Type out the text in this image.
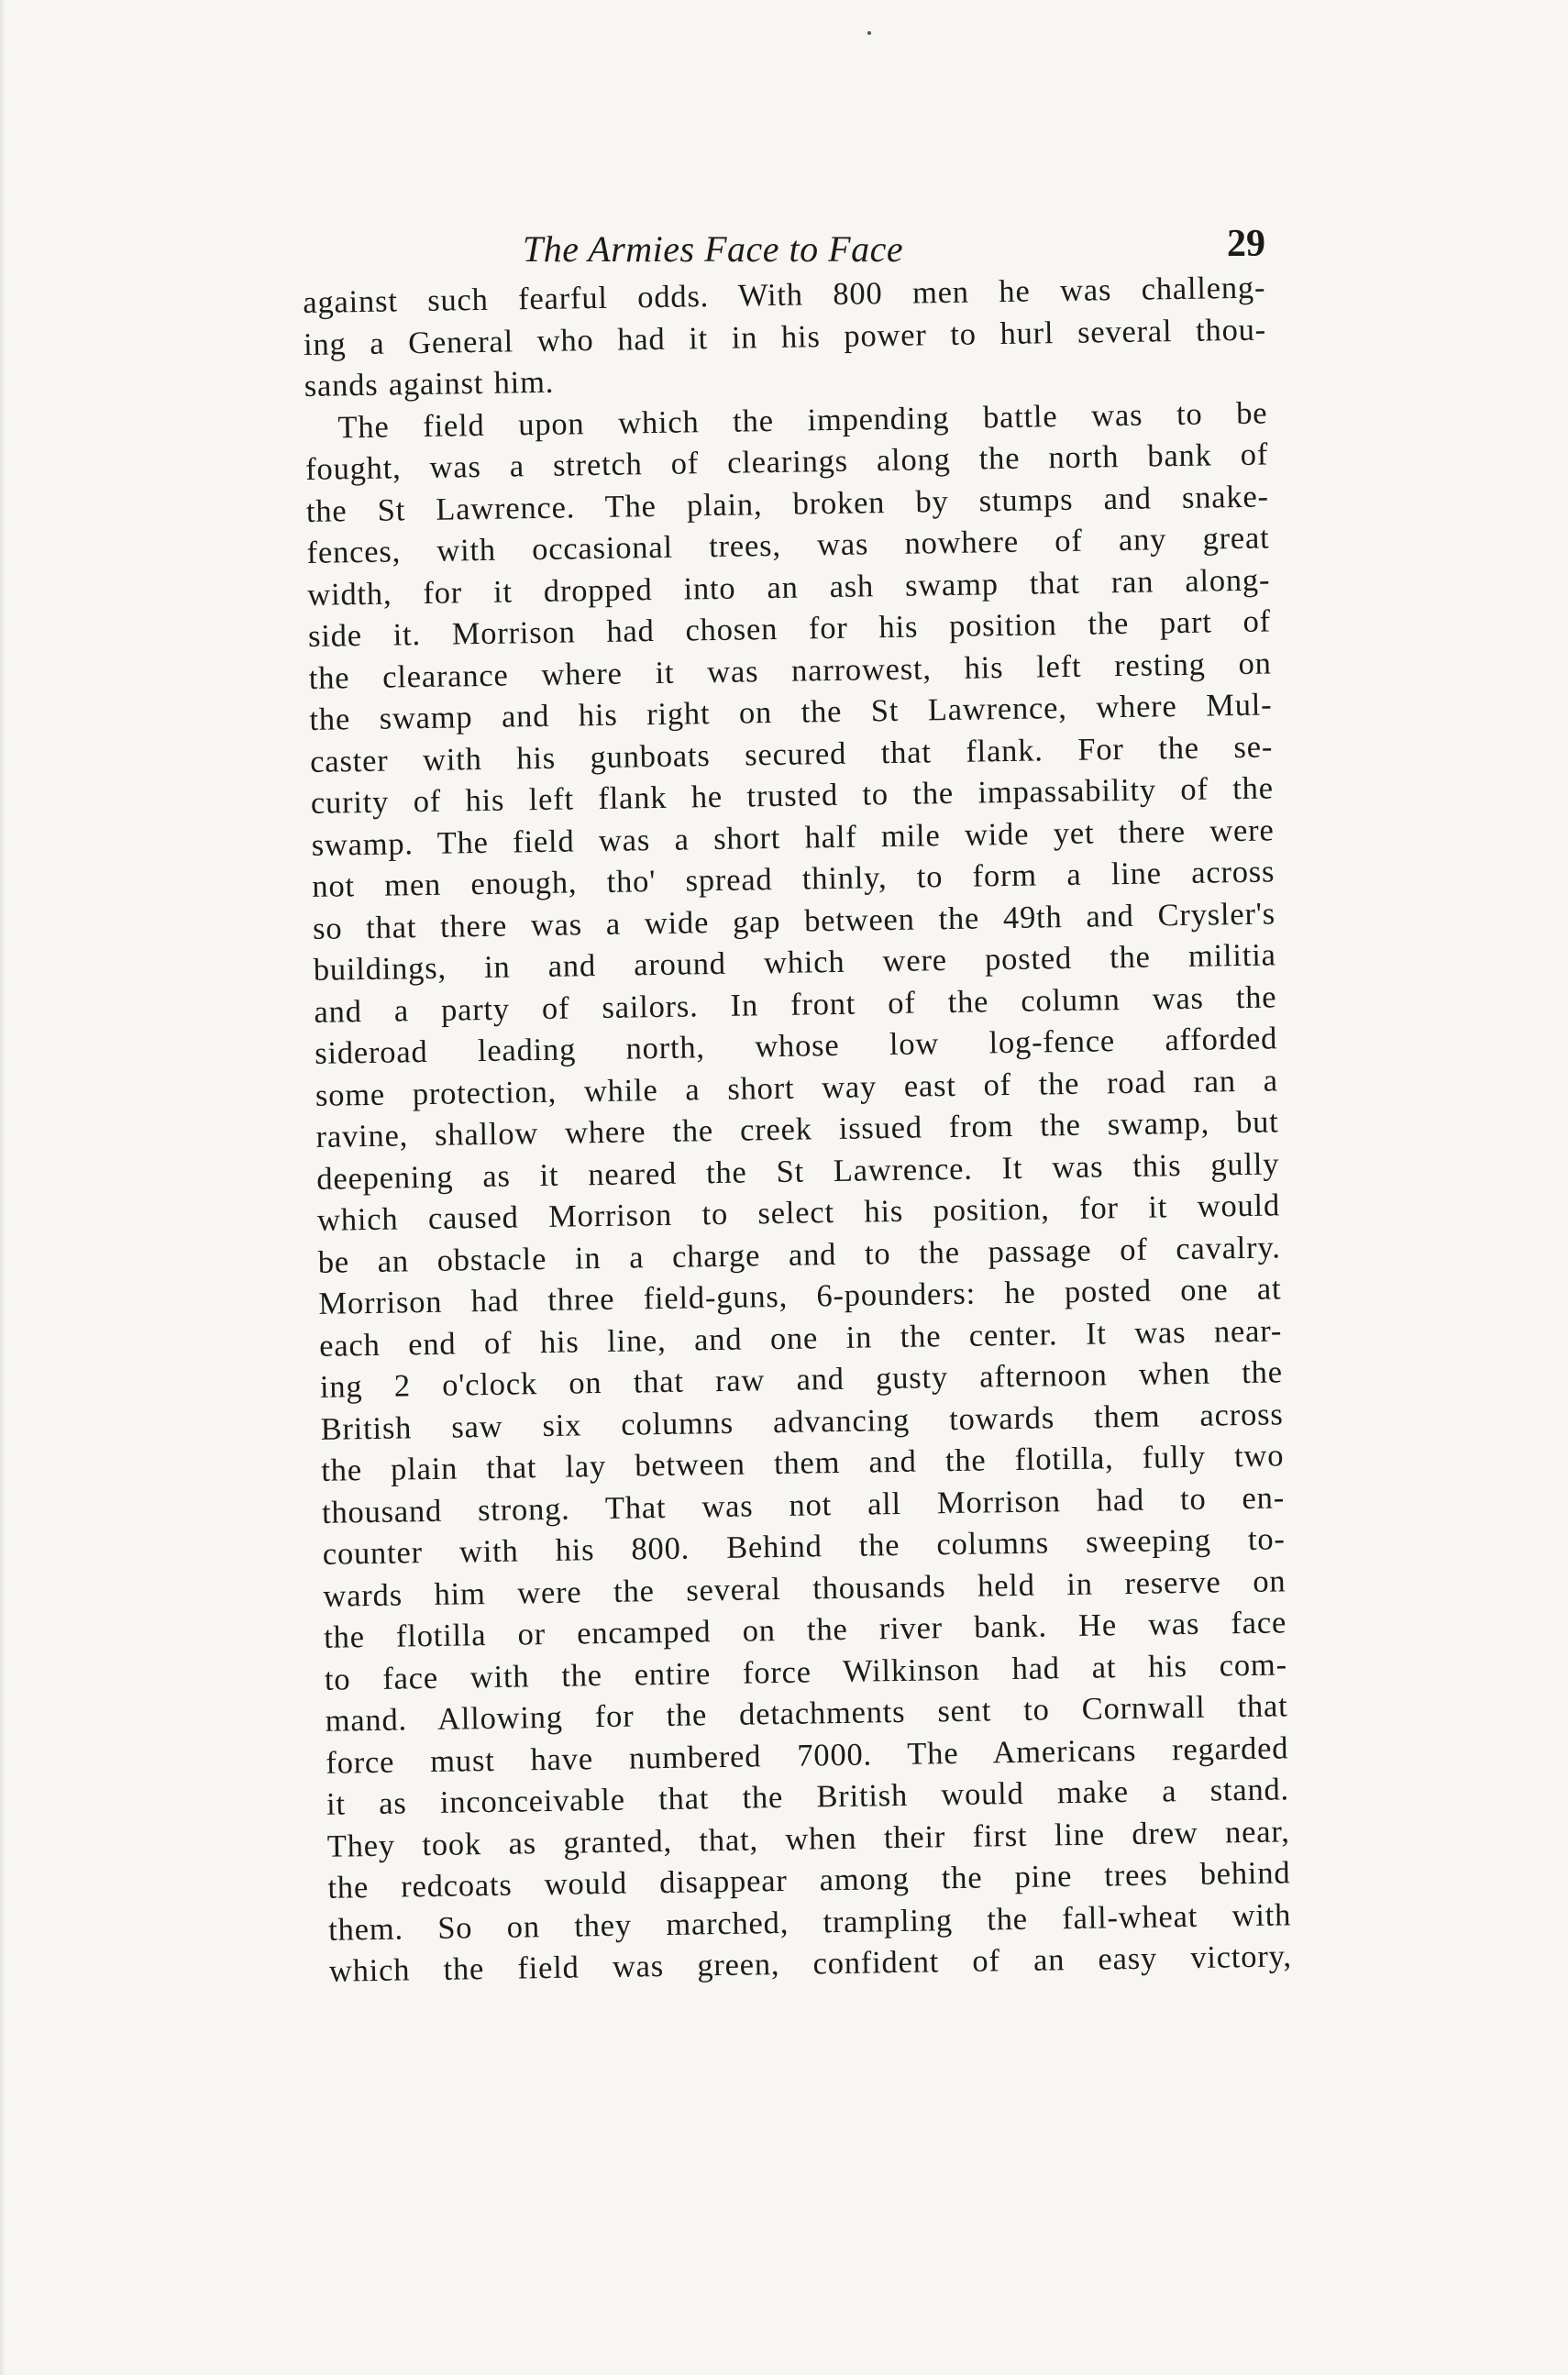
The Armies Face to Face	29
against such fearful odds. With 800 men he was challeng-
ing a General who had it in his power to hurl several thou-
sands against him.
The field upon which the impending battle was to be
fought, was a stretch of clearings along the north bank of
the St Lawrence. The plain, broken by stumps and snake-
fences, with occasional trees, was nowhere of any great
width, for it dropped into an ash swamp that ran along-
side it. Morrison had chosen for his position the part of
the clearance where it was narrowest, his left resting on
the swamp and his right on the St Lawrence, where Mul-
caster with his gunboats secured that flank. For the se-
curity of his left flank he trusted to the impassability of the
swamp. The field was a short half mile wide yet there were
not men enough, tho' spread thinly, to form a line across
so that there was a wide gap between the 49th and Crysler's
buildings, in and around which were posted the militia
and a party of sailors. In front of the column was the
sideroad leading north, whose low log-fence afforded
some protection, while a short way east of the road ran a
ravine, shallow where the creek issued from the swamp, but
deepening as it neared the St Lawrence. It was this gully
which caused Morrison to select his position, for it would
be an obstacle in a charge and to the passage of cavalry.
Morrison had three field-guns, 6-pounders: he posted one at
each end of his line, and one in the center. It was near-
ing 2 o'clock on that raw and gusty afternoon when the
British saw six columns advancing towards them across
the plain that lay between them and the flotilla, fully two
thousand strong. That was not all Morrison had to en-
counter with his 800. Behind the columns sweeping to-
wards him were the several thousands held in reserve on
the flotilla or encamped on the river bank. He was face
to face with the entire force Wilkinson had at his com-
mand. Allowing for the detachments sent to Cornwall that
force must have numbered 7000. The Americans regarded
it as inconceivable that the British would make a stand.
They took as granted, that, when their first line drew near,
the redcoats would disappear among the pine trees behind
them. So on they marched, trampling the fall-wheat with
which the field was green, confident of an easy victory,
